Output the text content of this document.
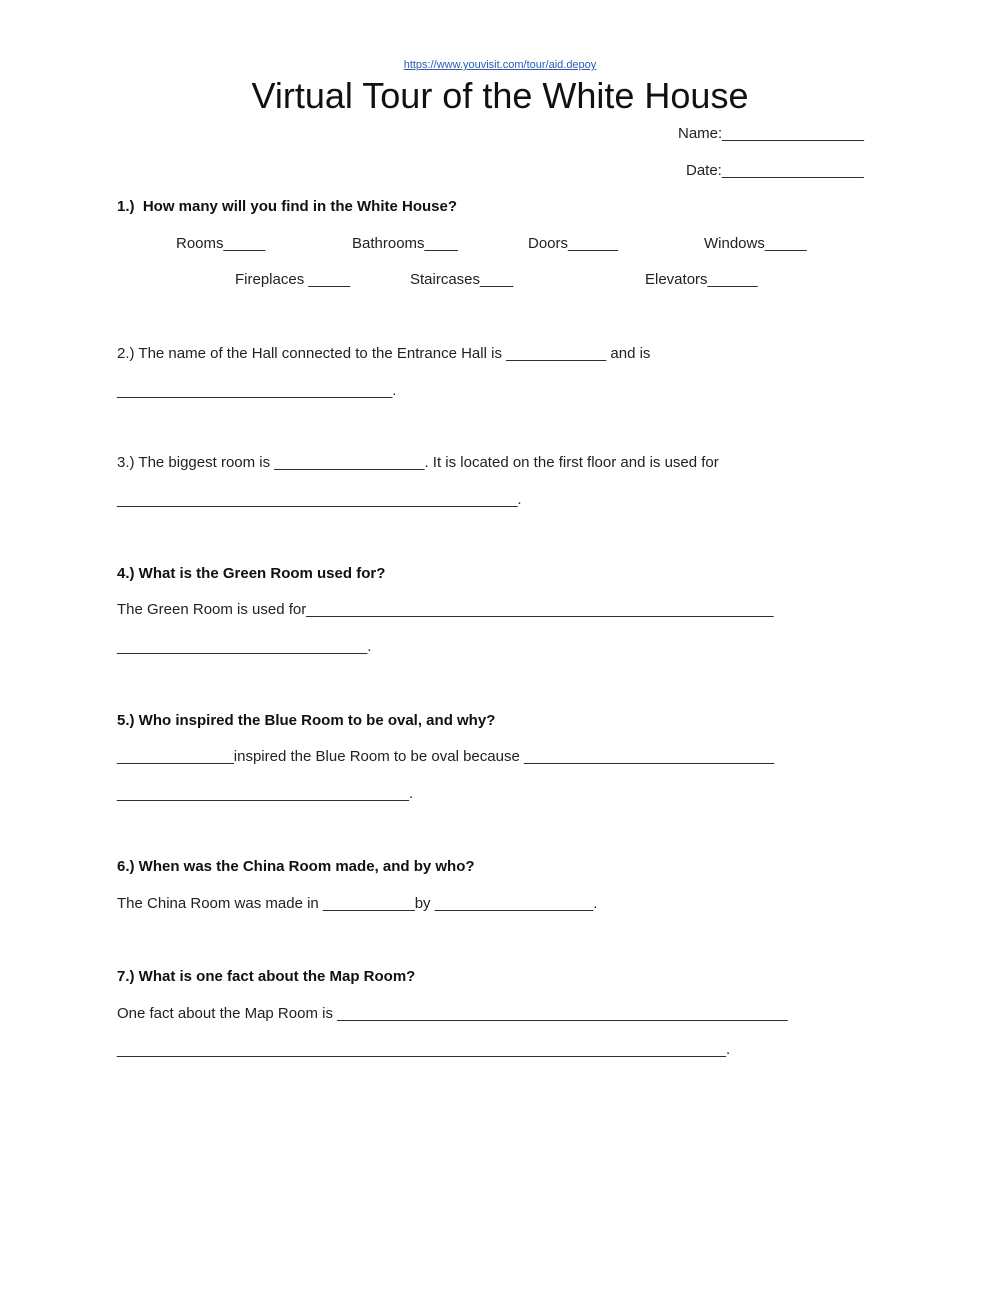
https://www.youvisit.com/tour/aid.depoy
Virtual Tour of the White House
Name:_________________
Date:_________________
1.)  How many will you find in the White House?
Rooms_____	Bathrooms____	Doors______	Windows_____
Fireplaces _____	Staircases____	Elevators______
2.) The name of the Hall connected to the Entrance Hall is ____________ and is
_________________________________.
3.) The biggest room is __________________. It is located on the first floor and is used for
________________________________________________.
4.) What is the Green Room used for?
The Green Room is used for________________________________________________________
______________________________.
5.) Who inspired the Blue Room to be oval, and why?
______________inspired the Blue Room to be oval because ______________________________
___________________________________.
6.) When was the China Room made, and by who?
The China Room was made in ___________by ___________________.
7.) What is one fact about the Map Room?
One fact about the Map Room is ______________________________________________________
_________________________________________________________________________.
